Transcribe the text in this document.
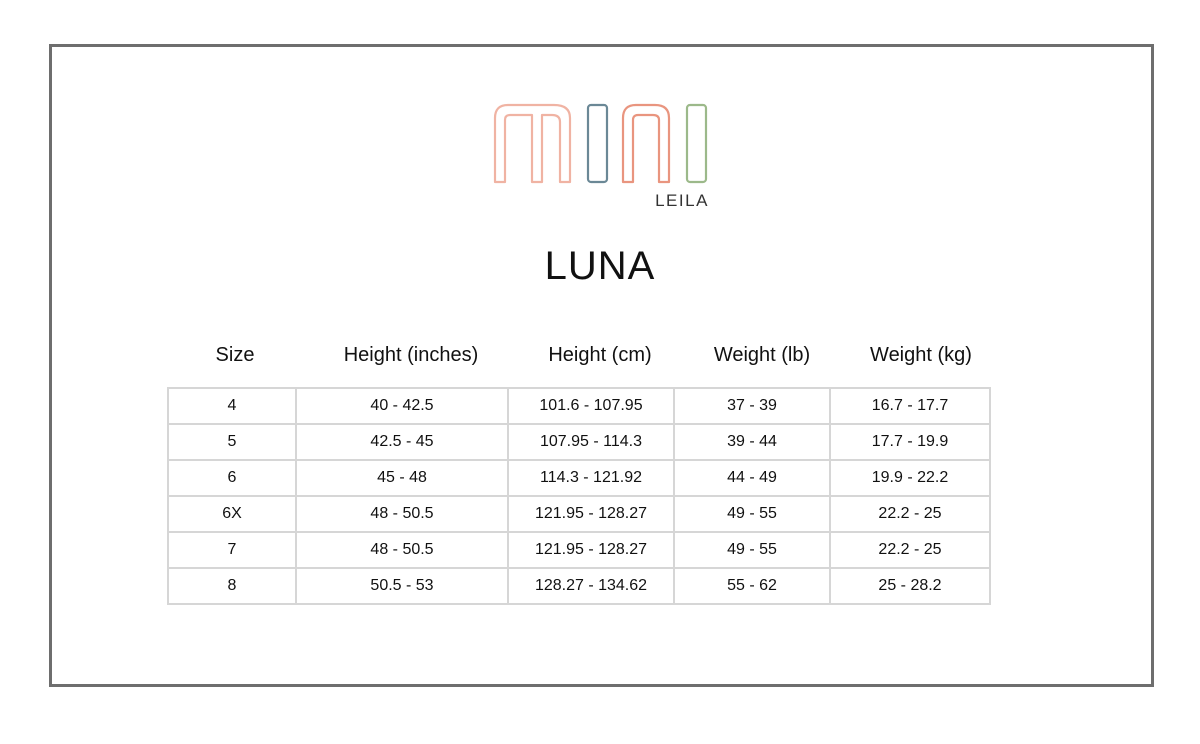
LEILA
LUNA
Size	Height (inches)	Height (cm)	Weight (lb)	Weight (kg)
4	40 - 42.5	101.6 - 107.95	37 - 39	16.7 - 17.7
5	42.5 - 45	107.95 - 114.3	39 - 44	17.7 - 19.9
6	45 - 48	114.3 - 121.92	44 - 49	19.9 - 22.2
6X	48 - 50.5	121.95 - 128.27	49 - 55	22.2 - 25
7	48 - 50.5	121.95 - 128.27	49 - 55	22.2 - 25
8	50.5 - 53	128.27 - 134.62	55 - 62	25 - 28.2
